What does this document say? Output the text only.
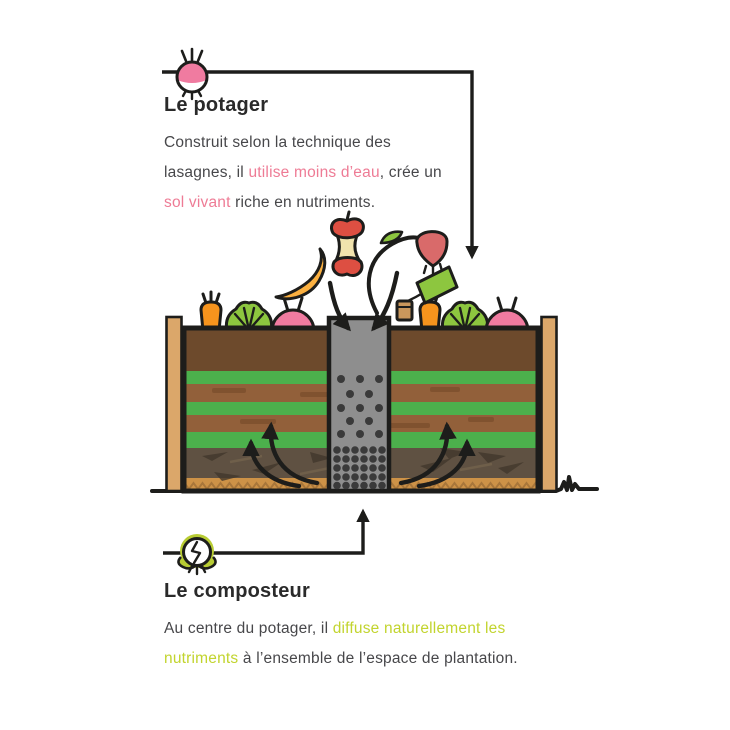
Le potager

Construit selon la technique des
lasagnes, il utilise moins d’eau, crée un
sol vivant riche en nutriments.

Le composteur

Au centre du potager, il diffuse naturellement les
nutriments à l’ensemble de l’espace de plantation.
